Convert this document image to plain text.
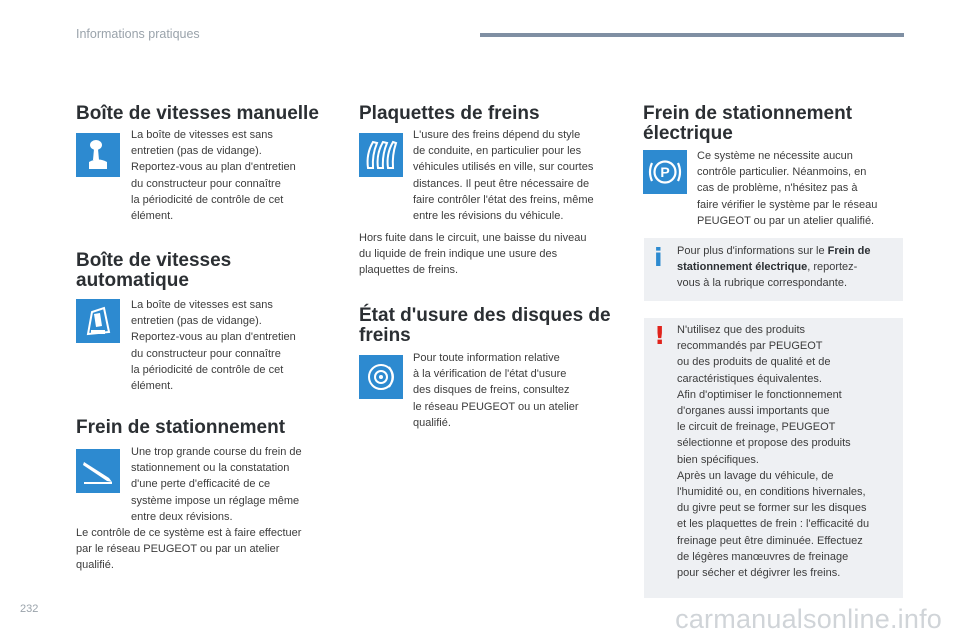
Informations pratiques
Boîte de vitesses manuelle
La boîte de vitesses est sans
entretien (pas de vidange).
Reportez-vous au plan d'entretien
du constructeur pour connaître
la périodicité de contrôle de cet
élément.
Boîte de vitesses
automatique
La boîte de vitesses est sans
entretien (pas de vidange).
Reportez-vous au plan d'entretien
du constructeur pour connaître
la périodicité de contrôle de cet
élément.
Frein de stationnement
Une trop grande course du frein de
stationnement ou la constatation
d'une perte d'efficacité de ce
système impose un réglage même
entre deux révisions.
Le contrôle de ce système est à faire effectuer
par le réseau PEUGEOT ou par un atelier
qualifié.
Plaquettes de freins
L'usure des freins dépend du style
de conduite, en particulier pour les
véhicules utilisés en ville, sur courtes
distances. Il peut être nécessaire de
faire contrôler l'état des freins, même
entre les révisions du véhicule.
Hors fuite dans le circuit, une baisse du niveau
du liquide de frein indique une usure des
plaquettes de freins.
État d'usure des disques de
freins
Pour toute information relative
à la vérification de l'état d'usure
des disques de freins, consultez
le réseau PEUGEOT ou un atelier
qualifié.
Frein de stationnement
électrique
P
Ce système ne nécessite aucun
contrôle particulier. Néanmoins, en
cas de problème, n'hésitez pas à
faire vérifier le système par le réseau
PEUGEOT ou par un atelier qualifié.
i Pour plus d'informations sur le Frein de
stationnement électrique, reportez-
vous à la rubrique correspondante.
! N'utilisez que des produits
recommandés par PEUGEOT
ou des produits de qualité et de
caractéristiques équivalentes.
Afin d'optimiser le fonctionnement
d'organes aussi importants que
le circuit de freinage, PEUGEOT
sélectionne et propose des produits
bien spécifiques.
Après un lavage du véhicule, de
l'humidité ou, en conditions hivernales,
du givre peut se former sur les disques
et les plaquettes de frein : l'efficacité du
freinage peut être diminuée. Effectuez
de légères manœuvres de freinage
pour sécher et dégivrer les freins.
232	carmanualsonline.info
